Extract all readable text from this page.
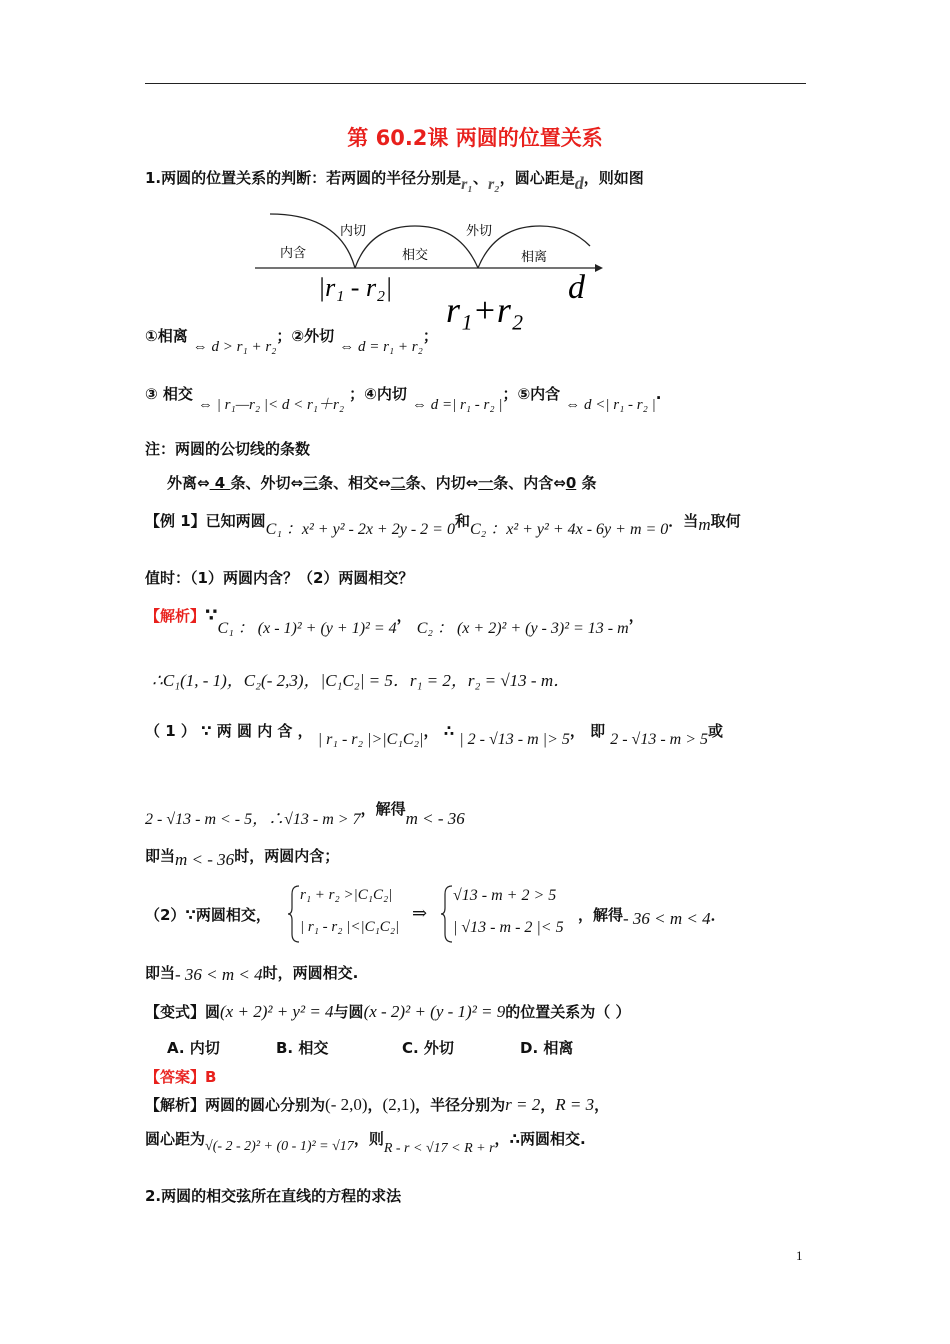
第 60.2课 两圆的位置关系
1.两圆的位置关系的判断：若两圆的半径分别是r₁、r₂，圆心距是d，则如图
内含
内切
相交
外切
相离
|r₁ - r₂|
r₁+r₂
d
①相离 ⇔ d > r₁ + r₂；②外切 ⇔ d = r₁ + r₂；
③ 相交 ⇔ | r₁—r₂ |< d < r₁＋r₂ ；④内切 ⇔ d =| r₁ - r₂ |；⑤内含 ⇔ d <| r₁ - r₂ |.
注：两圆的公切线的条数
外离⇔ 4 条、外切⇔三条、相交⇔二条、内切⇔一条、内含⇔0 条
【例 1】已知两圆C₁ ：x² + y² - 2x + 2y - 2 = 0和C₂ ：x² + y² + 4x - 6y + m = 0．当m取何
值时：（1）两圆内含？（2）两圆相交？
【解析】∵C₁ ： (x - 1)² + (y + 1)² = 4， C₂ ： (x + 2)² + (y - 3)² = 13 - m，
∴C₁(1, - 1)，C₂(- 2,3)，|C₁C₂| = 5．r₁ = 2，r₂ = √13 - m．
（ 1 ） ∵ 两 圆 内 含 ， | r₁ - r₂ |>|C₁C₂|， ∴ | 2 - √13 - m |> 5， 即 2 - √13 - m > 5或
2 - √13 - m < - 5，∴√13 - m > 7，解得m < - 36
即当m < - 36时，两圆内含；
（2）∵两圆相交，
r₁ + r₂ >|C₁C₂|
| r₁ - r₂ |<|C₁C₂|
⇒
√13 - m + 2 > 5
| √13 - m - 2 |< 5
，解得- 36 < m < 4．
即当- 36 < m < 4时，两圆相交.
【变式】圆(x + 2)² + y² = 4与圆(x - 2)² + (y - 1)² = 9的位置关系为（ ）
A. 内切	B. 相交	C. 外切	D. 相离
【答案】B
【解析】两圆的圆心分别为(- 2,0)，(2,1)，半径分别为r = 2，R = 3，
圆心距为√(- 2 - 2)² + (0 - 1)² = √17，则R - r < √17 < R + r，∴两圆相交.
2.两圆的相交弦所在直线的方程的求法
1
